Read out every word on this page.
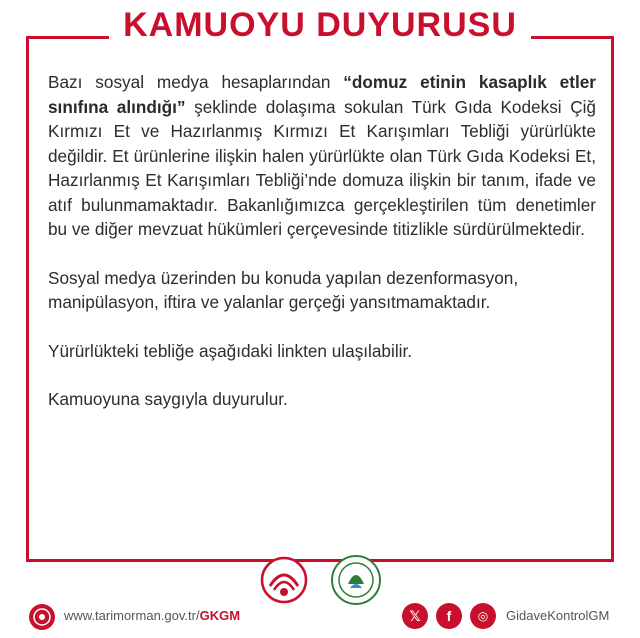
KAMUOYU DUYURUSU

Bazı sosyal medya hesaplarından “domuz etinin kasaplık etler sınıfına alındığı” şeklinde dolaşıma sokulan Türk Gıda Kodeksi Çiğ Kırmızı Et ve Hazırlanmış Kırmızı Et Karışımları Tebliği yürürlükte değildir. Et ürünlerine ilişkin halen yürürlükte olan Türk Gıda Kodeksi Et, Hazırlanmış Et Karışımları Tebliği’nde domuza ilişkin bir tanım, ifade ve atıf bulunmamaktadır. Bakanlığımızca gerçekleştirilen tüm denetimler bu ve diğer mevzuat hükümleri çerçevesinde titizlikle sürdürülmektedir.

Sosyal medya üzerinden bu konuda yapılan dezenformasyon, manipülasyon, iftira ve yalanlar gerçeği yansıtmamaktadır.

Yürürlükteki tebliğe aşağıdaki linkten ulaşılabilir.

Kamuoyuna saygıyla duyurulur.

www.tarimorman.gov.tr/GKGM	𝕏	f	◎	GidaveKontrolGM
